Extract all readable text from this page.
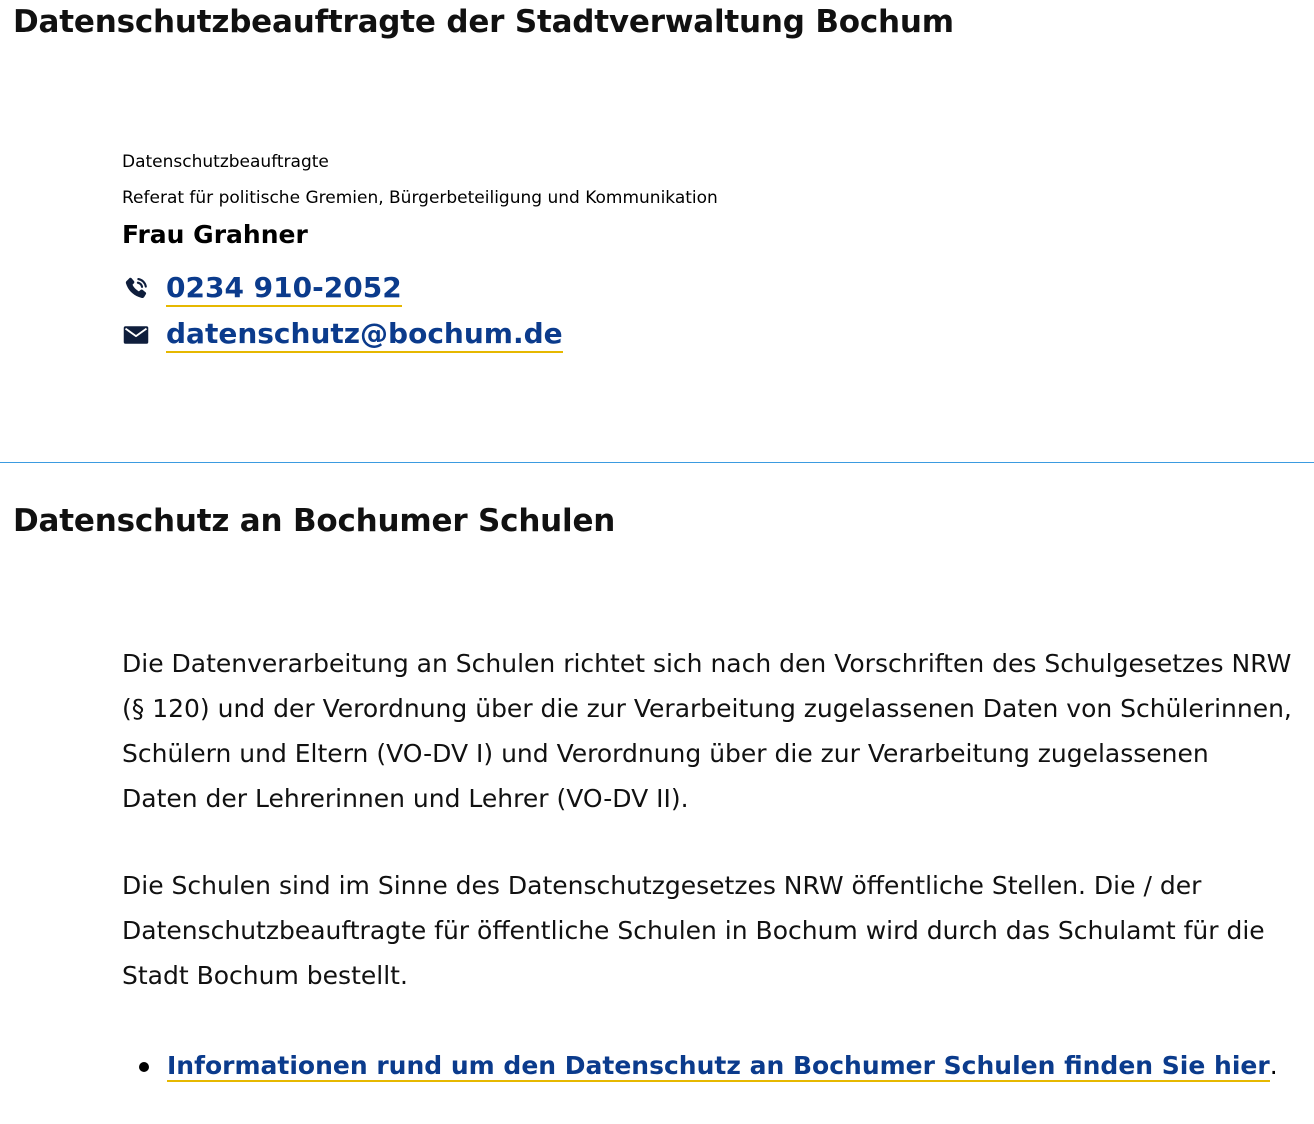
Datenschutzbeauftragte der Stadtverwaltung Bochum

Datenschutzbeauftragte

Referat für politische Gremien, Bürgerbeteiligung und Kommunikation

Frau Grahner

0234 910-2052
datenschutz@bochum.de
Datenschutz an Bochumer Schulen

Die Datenverarbeitung an Schulen richtet sich nach den Vorschriften des Schulgesetzes NRW (§ 120) und der Verordnung über die zur Verarbeitung zugelassenen Daten von Schülerinnen, Schülern und Eltern (VO-DV I) und Verordnung über die zur Verarbeitung zugelassenen Daten der Lehrerinnen und Lehrer (VO-DV II).

Die Schulen sind im Sinne des Datenschutzgesetzes NRW öffentliche Stellen. Die / der Datenschutzbeauftragte für öffentliche Schulen in Bochum wird durch das Schulamt für die Stadt Bochum bestellt.

Informationen rund um den Datenschutz an Bochumer Schulen finden Sie hier.
